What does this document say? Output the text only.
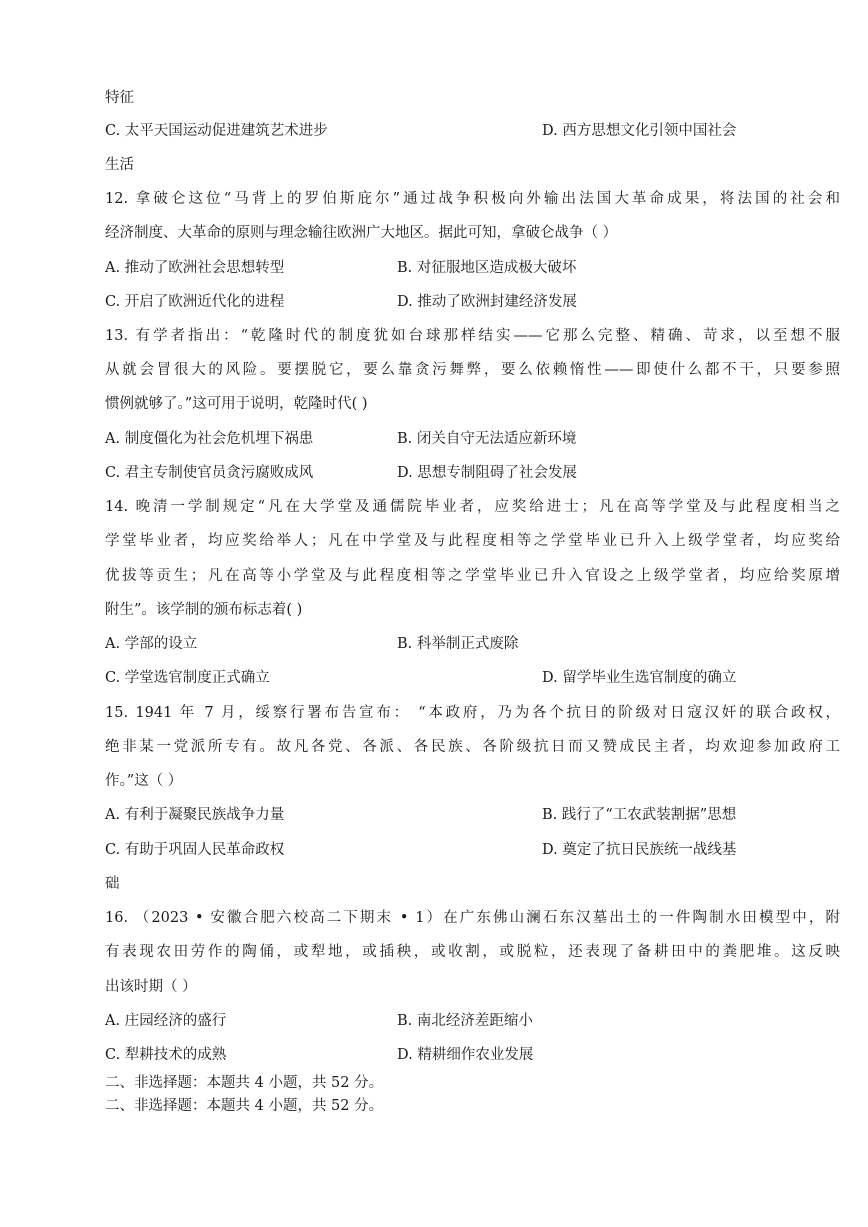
特征
C. 太平天国运动促进建筑艺术进步	D. 西方思想文化引领中国社会
生活
12. 拿破仑这位“马背上的罗伯斯庇尔”通过战争积极向外输出法国大革命成果，将法国的社会和
经济制度、大革命的原则与理念输往欧洲广大地区。据此可知，拿破仑战争（ ）
A. 推动了欧洲社会思想转型	B. 对征服地区造成极大破坏
C. 开启了欧洲近代化的进程	D. 推动了欧洲封建经济发展
13. 有学者指出：“乾隆时代的制度犹如台球那样结实——它那么完整、精确、苛求，以至想不服
从就会冒很大的风险。要摆脱它，要么靠贪污舞弊，要么依赖惰性——即使什么都不干，只要参照
惯例就够了。”这可用于说明，乾隆时代( )
A. 制度僵化为社会危机埋下祸患	B. 闭关自守无法适应新环境
C. 君主专制使官员贪污腐败成风	D. 思想专制阻碍了社会发展
14. 晚清一学制规定“凡在大学堂及通儒院毕业者，应奖给进士；凡在高等学堂及与此程度相当之
学堂毕业者，均应奖给举人；凡在中学堂及与此程度相等之学堂毕业已升入上级学堂者，均应奖给
优拔等贡生；凡在高等小学堂及与此程度相等之学堂毕业已升入官设之上级学堂者，均应给奖原增
附生”。该学制的颁布标志着( )
A. 学部的设立	B. 科举制正式废除
C. 学堂选官制度正式确立	D. 留学毕业生选官制度的确立
15. 1941 年 7 月，绥察行署布告宣布： “本政府，乃为各个抗日的阶级对日寇汉奸的联合政权，
绝非某一党派所专有。故凡各党、各派、各民族、各阶级抗日而又赞成民主者，均欢迎参加政府工
作。”这（ ）
A. 有利于凝聚民族战争力量	B. 践行了“工农武装割据”思想
C. 有助于巩固人民革命政权	D. 奠定了抗日民族统一战线基
础
16. （2023 • 安徽合肥六校高二下期末 • 1）在广东佛山澜石东汉墓出土的一件陶制水田模型中，附
有表现农田劳作的陶俑，或犁地，或插秧，或收割，或脱粒，还表现了备耕田中的粪肥堆。这反映
出该时期（ ）
A. 庄园经济的盛行	B. 南北经济差距缩小
C. 犁耕技术的成熟	D. 精耕细作农业发展
二、非选择题：本题共 4 小题，共 52 分。
二、非选择题：本题共 4 小题，共 52 分。
